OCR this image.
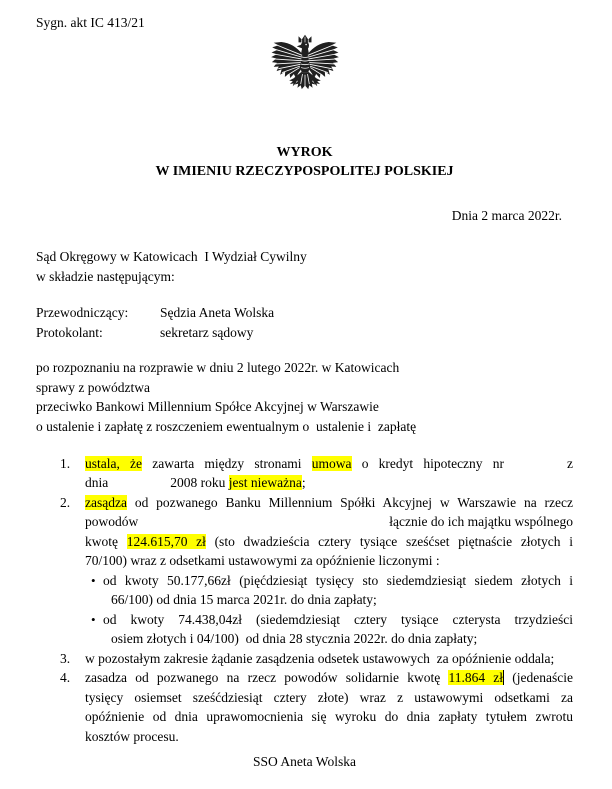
Sygn. akt IC 413/21
WYROK
W IMIENIU RZECZYPOSPOLITEJ POLSKIEJ
Dnia 2 marca 2022r.
Sąd Okręgowy w Katowicach  I Wydział Cywilny
w składzie następującym:
Przewodniczący: Sędzia Aneta Wolska
Protokolant:	sekretarz sądowy
po rozpoznaniu na rozprawie w dniu 2 lutego 2022r. w Katowicach
sprawy z powództwa
przeciwko Bankowi Millennium Spółce Akcyjnej w Warszawie
o ustalenie i zapłatę z roszczeniem ewentualnym o  ustalenie i  zapłatę
1.	ustala, że zawarta między stronami umowa o kredyt hipoteczny nr	z
dnia	2008 roku jest nieważna;
2.	zasądza od pozwanego Banku Millennium Spółki Akcyjnej w Warszawie na rzecz
powodów	łącznie do ich majątku wspólnego
kwotę 124.615,70 zł (sto dwadzieścia cztery tysiące sześćset piętnaście złotych i
70/100) wraz z odsetkami ustawowymi za opóźnienie liczonymi :
• od kwoty 50.177,66zł (pięćdziesiąt tysięcy sto siedemdziesiąt siedem złotych i
66/100) od dnia 15 marca 2021r. do dnia zapłaty;
• od kwoty 74.438,04zł (siedemdziesiąt cztery tysiące czterysta trzydzieści
osiem złotych i 04/100)  od dnia 28 stycznia 2022r. do dnia zapłaty;
3.	w pozostałym zakresie żądanie zasądzenia odsetek ustawowych  za opóźnienie oddala;
4.	zasadza od pozwanego na rzecz powodów solidarnie kwotę 11.864 zł (jedenaście
tysięcy osiemset sześćdziesiąt cztery złote) wraz z ustawowymi odsetkami za
opóźnienie od dnia uprawomocnienia się wyroku do dnia zapłaty tytułem zwrotu
kosztów procesu.
SSO Aneta Wolska
